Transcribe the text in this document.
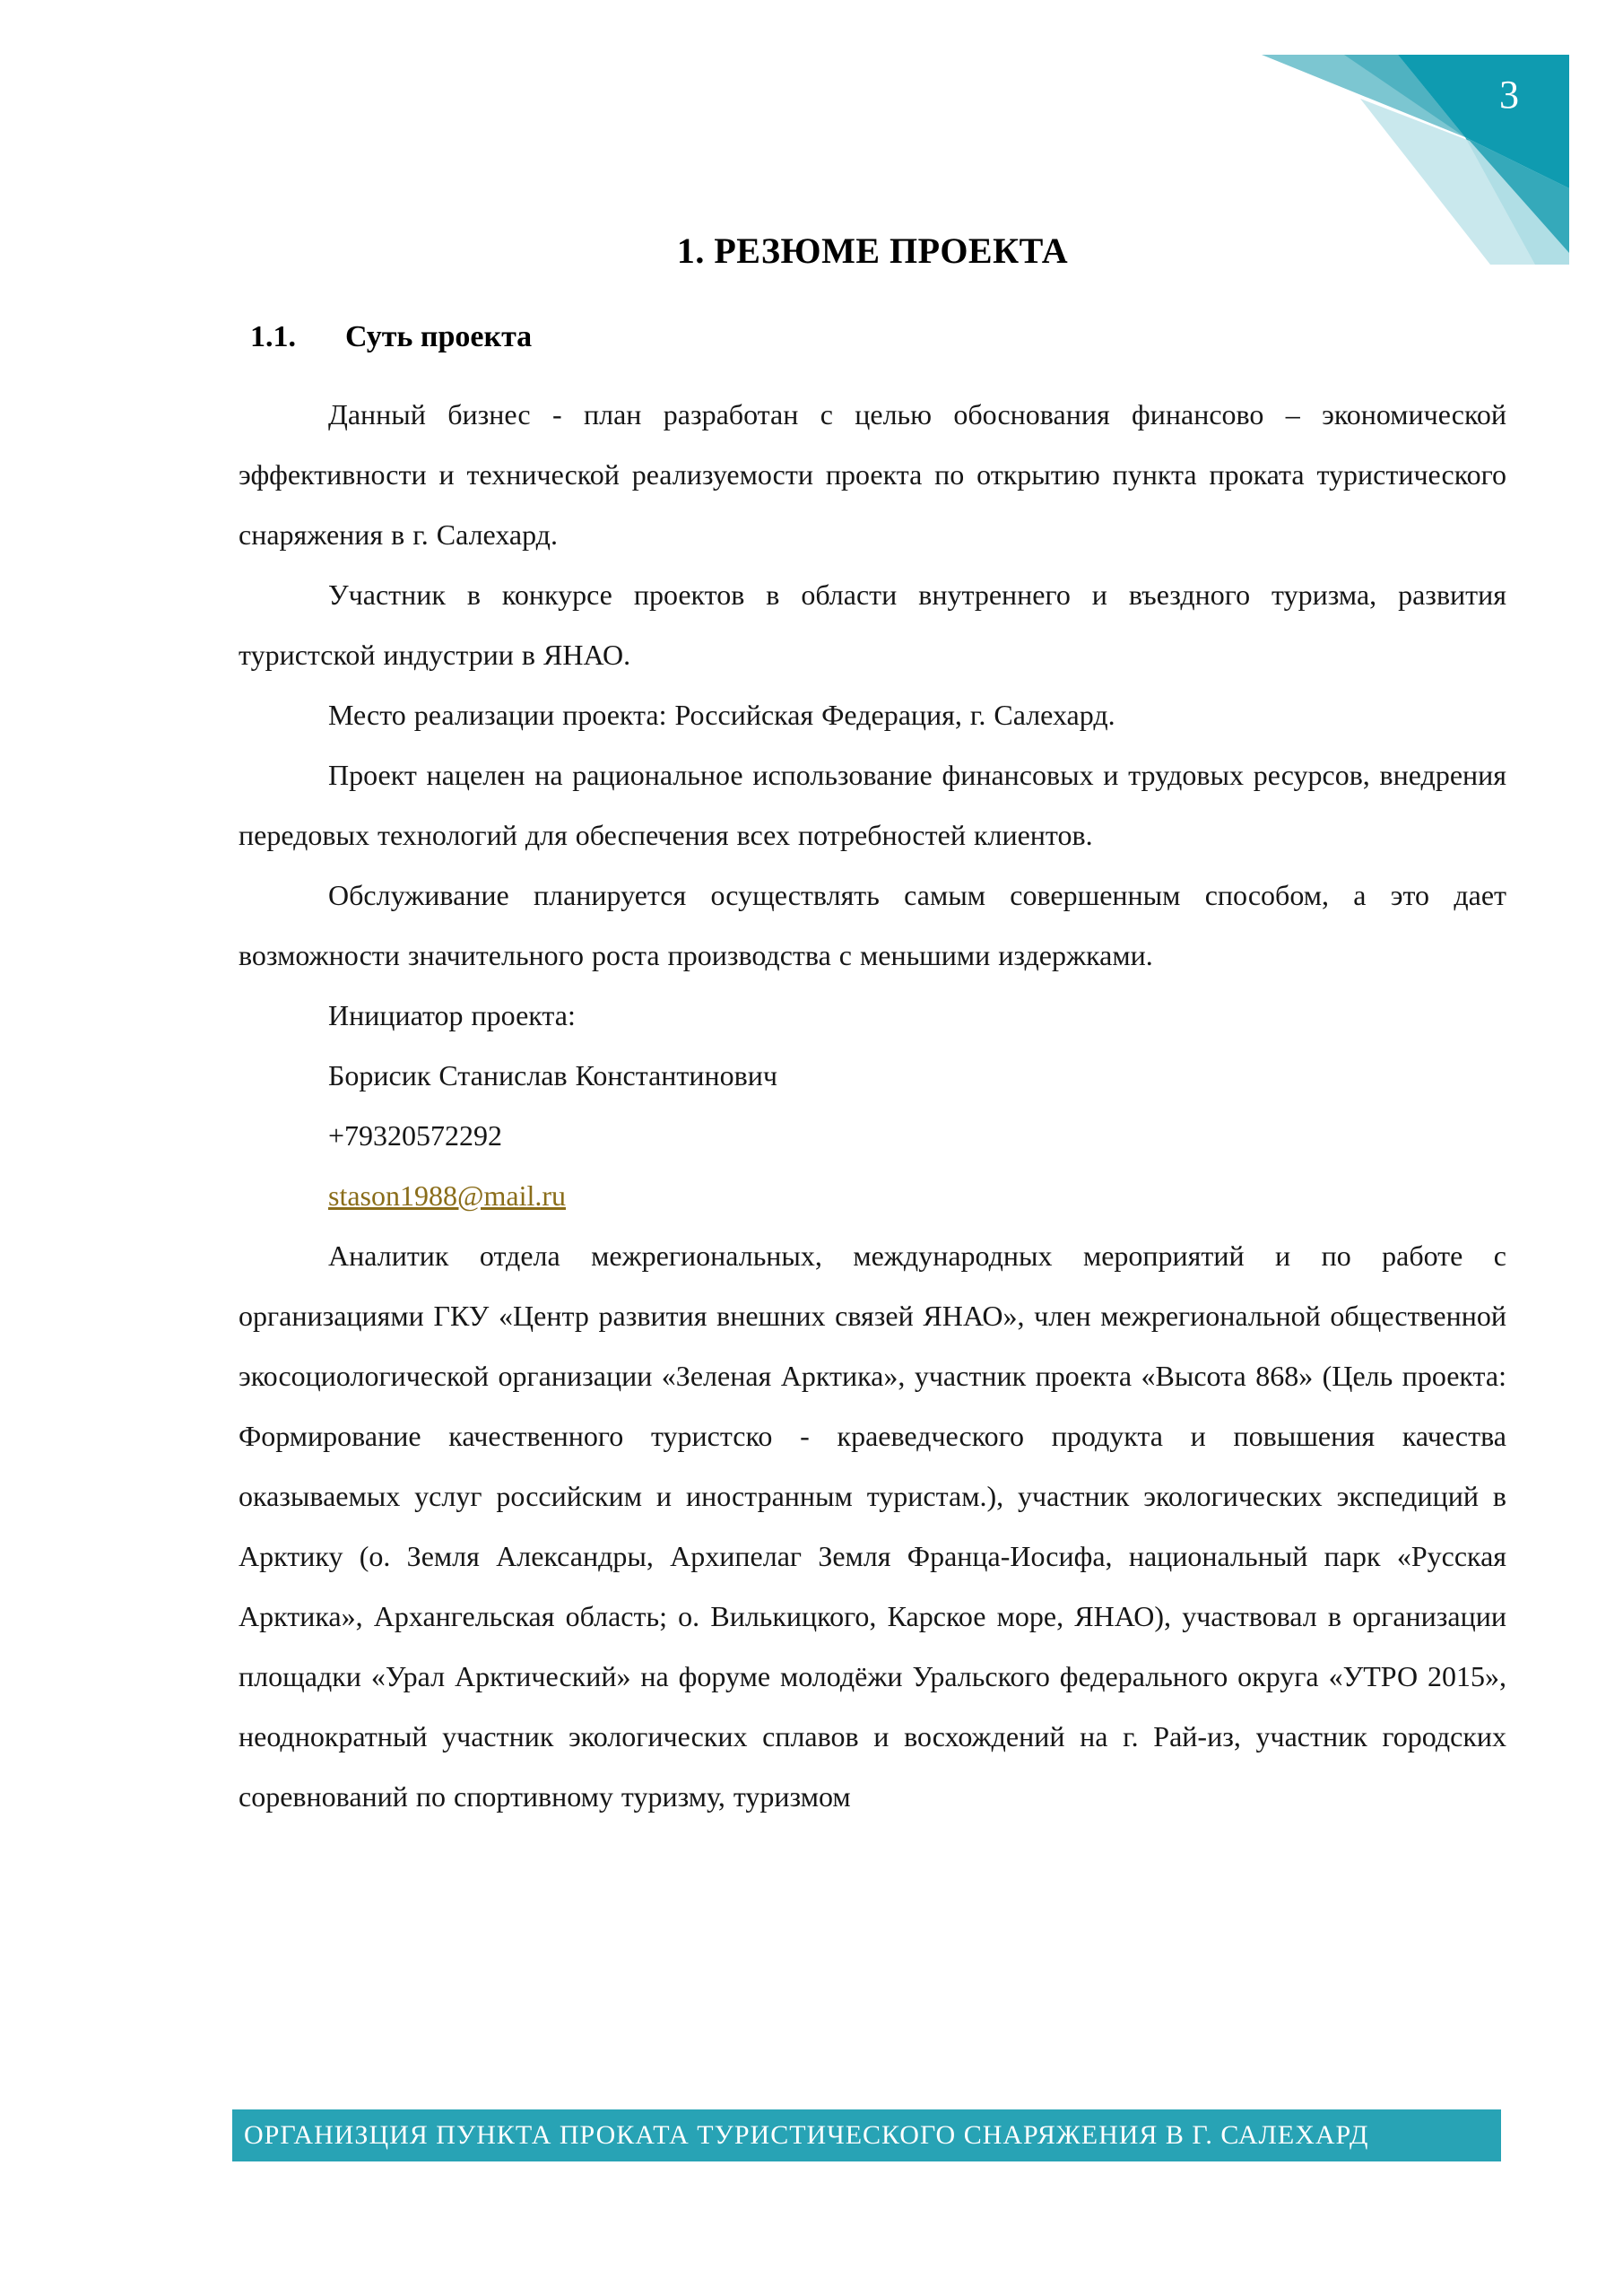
3
1. РЕЗЮМЕ ПРОЕКТА
1.1. Суть проекта

Данный бизнес - план разработан с целью обоснования финансово – экономической эффективности и технической реализуемости проекта по открытию пункта проката туристического снаряжения в г. Салехард.

Участник в конкурсе проектов в области внутреннего и въездного туризма, развития туристской индустрии в ЯНАО.

Место реализации проекта: Российская Федерация, г. Салехард.

Проект нацелен на рациональное использование финансовых и трудовых ресурсов, внедрения передовых технологий для обеспечения всех потребностей клиентов.

Обслуживание планируется осуществлять самым совершенным способом, а это дает возможности значительного роста производства с меньшими издержками.

Инициатор проекта:

Борисик Станислав Константинович

+79320572292

stason1988@mail.ru

Аналитик отдела межрегиональных, международных мероприятий и по работе с организациями ГКУ «Центр развития внешних связей ЯНАО», член межрегиональной общественной экосоциологической организации «Зеленая Арктика», участник проекта «Высота 868» (Цель проекта: Формирование качественного туристско - краеведческого продукта и повышения качества оказываемых услуг российским и иностранным туристам.), участник экологических экспедиций в Арктику (о. Земля Александры, Архипелаг Земля Франца-Иосифа, национальный парк «Русская Арктика», Архангельская область; о. Вилькицкого, Карское море, ЯНАО), участвовал в организации площадки «Урал Арктический» на форуме молодёжи Уральского федерального округа «УТРО 2015», неоднократный участник экологических сплавов и восхождений на г. Рай-из, участник городских соревнований по спортивному туризму, туризмом

ОРГАНИЗЦИЯ ПУНКТА ПРОКАТА ТУРИСТИЧЕСКОГО СНАРЯЖЕНИЯ В Г. САЛЕХАРД
